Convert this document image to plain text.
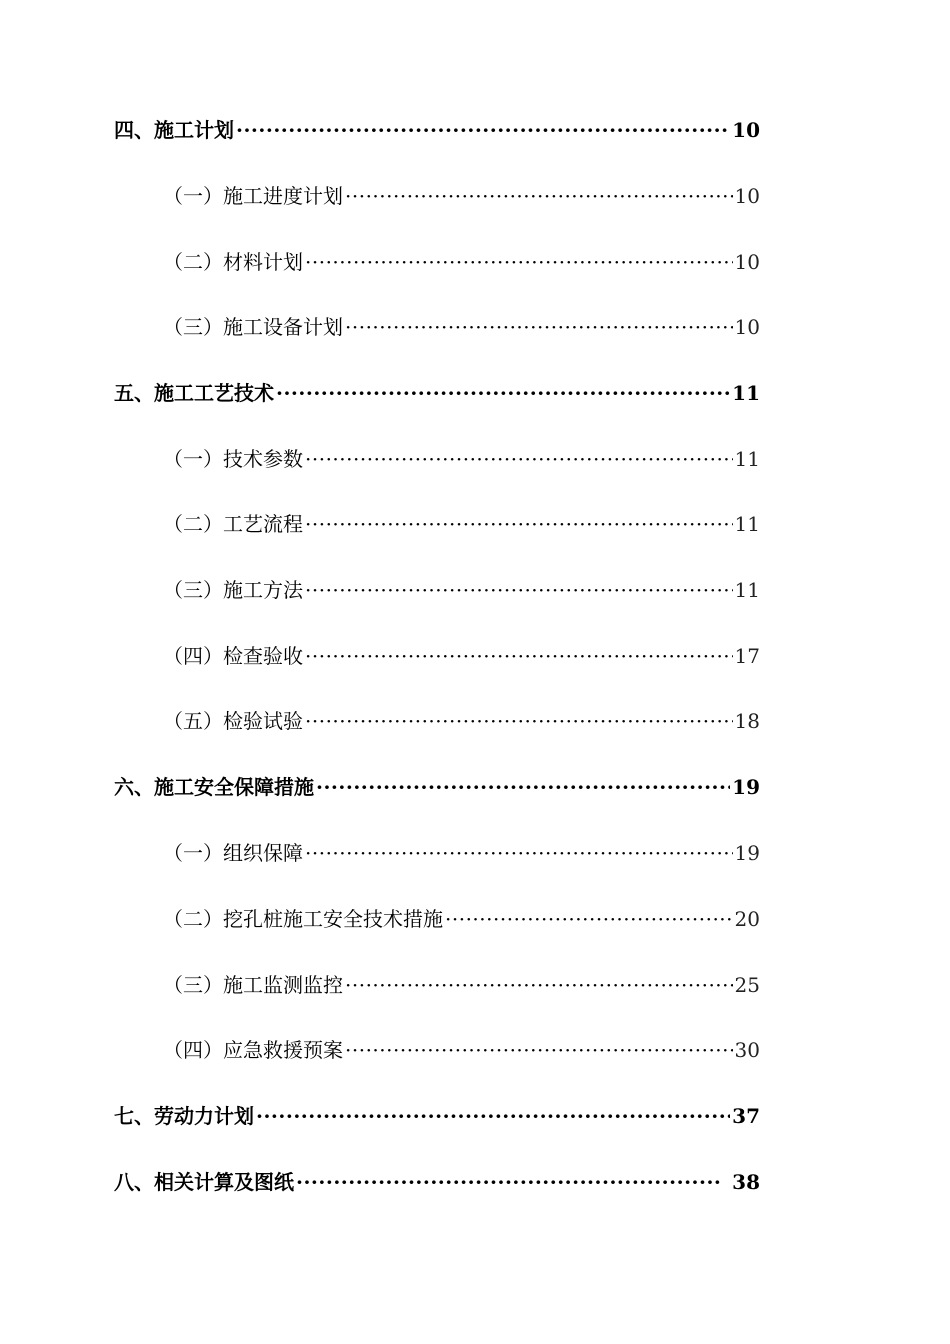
四、施工计划 ·····	10
（一）施工进度计划 ·····	10
（二）材料计划 ·····	10
（三）施工设备计划 ·····	10
五、施工工艺技术 ·····	11
（一）技术参数 ·····	11
（二）工艺流程 ·····	11
（三）施工方法 ·····	11
（四）检查验收 ·····	17
（五）检验试验 ·····	18
六、施工安全保障措施 ·····	19
（一）组织保障 ·····	19
（二）挖孔桩施工安全技术措施 ·····	20
（三）施工监测监控 ·····	25
（四）应急救援预案 ·····	30
七、劳动力计划 ·····	37
八、相关计算及图纸 ·····	38
